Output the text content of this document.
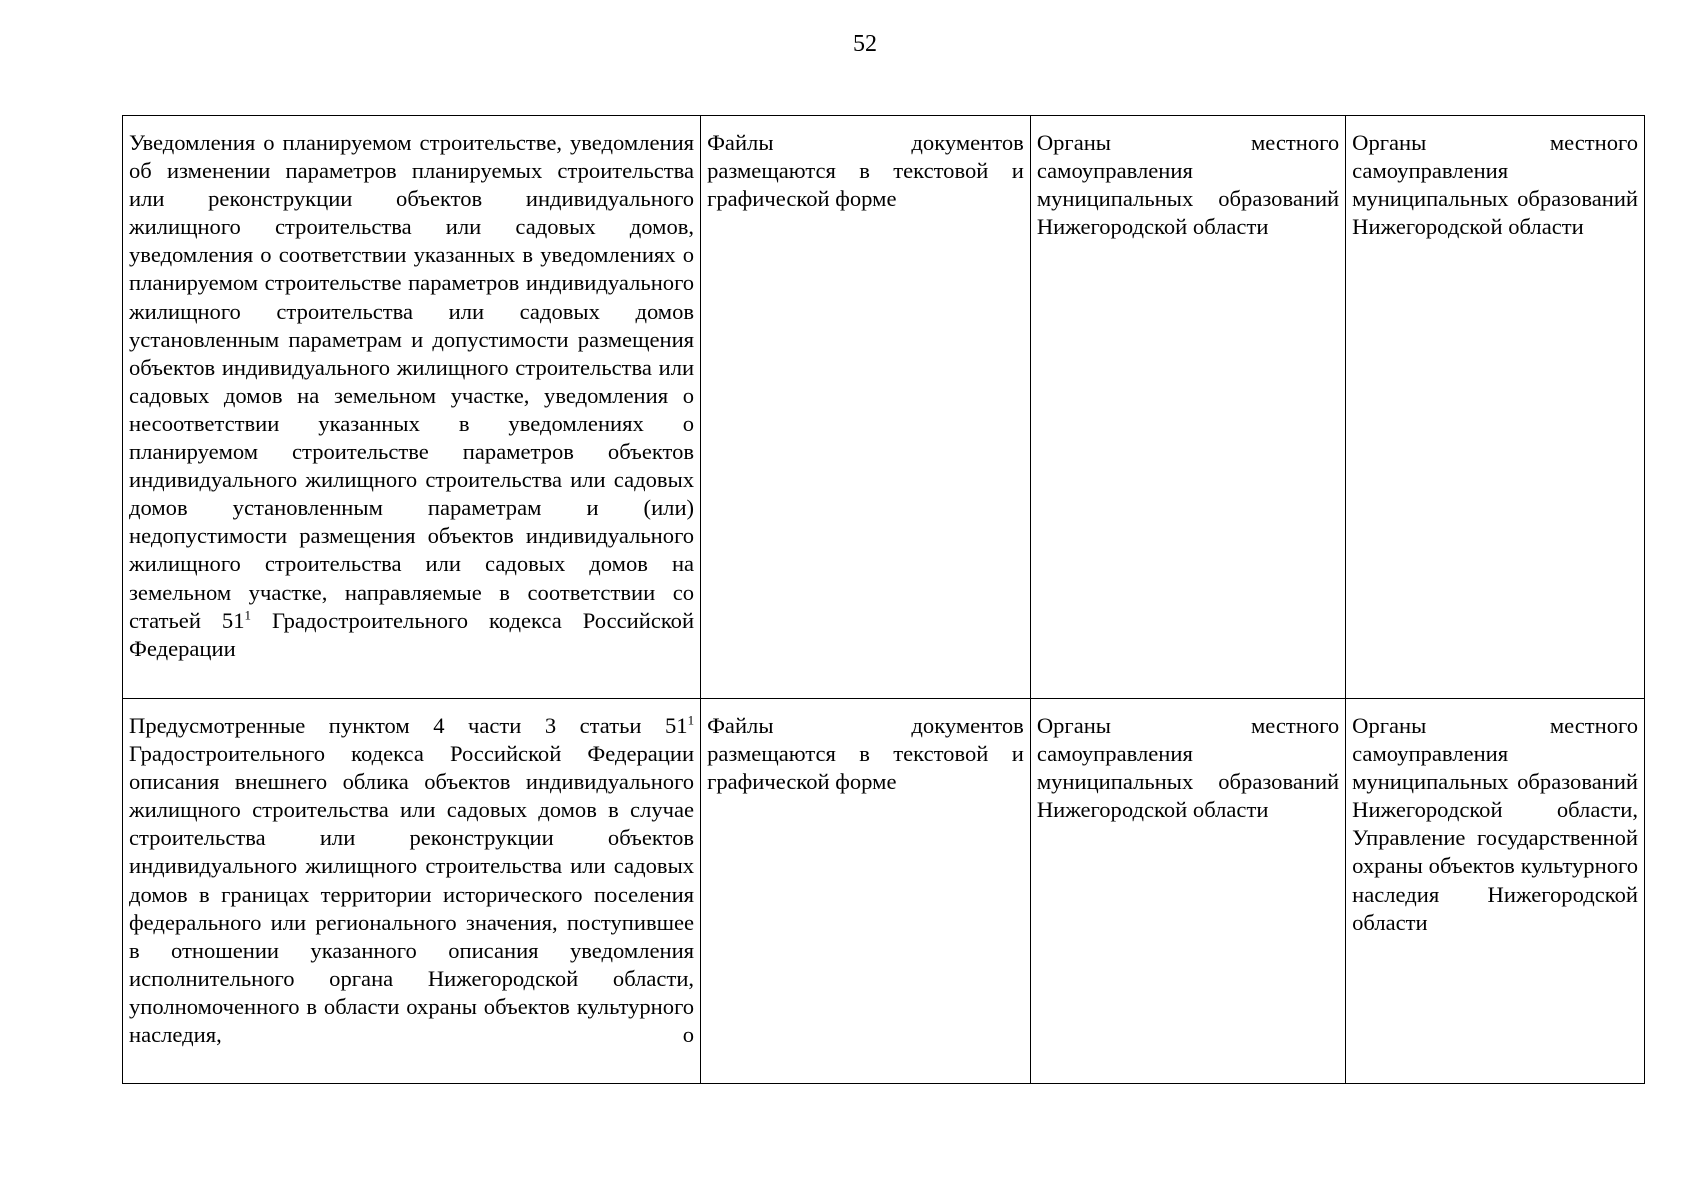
52
Уведомления о планируемом строительстве, уведомления об изменении параметров планируемых строительства или реконструкции объектов индивидуального жилищного строительства или садовых домов, уведомления о соответствии указанных в уведомлениях о планируемом строительстве параметров индивидуального жилищного строительства или садовых домов установленным параметрам и допустимости размещения объектов индивидуального жилищного строительства или садовых домов на земельном участке, уведомления о несоответствии указанных в уведомлениях о планируемом строительстве параметров объектов индивидуального жилищного строительства или садовых домов установленным параметрам и (или) недопустимости размещения объектов индивидуального жилищного строительства или садовых домов на земельном участке, направляемые в соответствии со статьей $51^1$ Градостроительного кодекса Российской Федерации	Файлы документов размещаются в текстовой и графической форме	Органы местного самоуправления муниципальных образований Нижегородской области	Органы местного самоуправления муниципальных образований Нижегородской области
Предусмотренные пунктом 4 части 3 статьи $51^1$ Градостроительного кодекса Российской Федерации описания внешнего облика объектов индивидуального жилищного строительства или садовых домов в случае строительства или реконструкции объектов индивидуального жилищного строительства или садовых домов в границах территории исторического поселения федерального или регионального значения, поступившее в отношении указанного описания уведомления исполнительного органа Нижегородской области, уполномоченного в области охраны объектов культурного наследия, о	Файлы документов размещаются в текстовой и графической форме	Органы местного самоуправления муниципальных образований Нижегородской области	Органы местного самоуправления муниципальных образований Нижегородской области, Управление государственной охраны объектов культурного наследия Нижегородской области
